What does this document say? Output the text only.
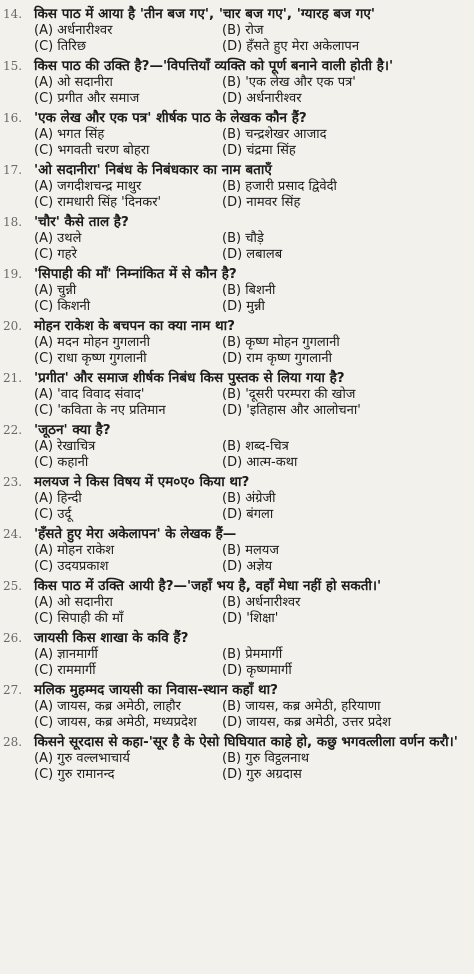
14. किस पाठ में आया है 'तीन बज गए', 'चार बज गए', 'ग्यारह बज गए'
(A) अर्धनारीश्वर	(B) रोज
(C) तिरिछ	(D) हँसते हुए मेरा अकेलापन
15. किस पाठ की उक्ति है?—'विपत्तियाँ व्यक्ति को पूर्ण बनाने वाली होती है।'
(A) ओ सदानीरा	(B) 'एक लेख और एक पत्र'
(C) प्रगीत और समाज	(D) अर्धनारीश्वर
16. 'एक लेख और एक पत्र' शीर्षक पाठ के लेखक कौन हैं?
(A) भगत सिंह	(B) चन्द्रशेखर आजाद
(C) भगवती चरण बोहरा	(D) चंद्रमा सिंह
17. 'ओ सदानीरा' निबंध के निबंधकार का नाम बताएँ
(A) जगदीशचन्द्र माथुर	(B) हजारी प्रसाद द्विवेदी
(C) रामधारी सिंह 'दिनकर'	(D) नामवर सिंह
18. 'चौर' कैसे ताल है?
(A) उथले	(B) चौड़े
(C) गहरे	(D) लबालब
19. 'सिपाही की माँ' निम्नांकित में से कौन है?
(A) चुन्नी	(B) बिशनी
(C) किशनी	(D) मुन्नी
20. मोहन राकेश के बचपन का क्या नाम था?
(A) मदन मोहन गुगलानी	(B) कृष्ण मोहन गुगलानी
(C) राधा कृष्ण गुगलानी	(D) राम कृष्ण गुगलानी
21. 'प्रगीत' और समाज शीर्षक निबंध किस पुस्तक से लिया गया है?
(A) 'वाद विवाद संवाद'	(B) 'दूसरी परम्परा की खोज
(C) 'कविता के नए प्रतिमान	(D) 'इतिहास और आलोचना'
22. 'जूठन' क्या है?
(A) रेखाचित्र	(B) शब्द-चित्र
(C) कहानी	(D) आत्म-कथा
23. मलयज ने किस विषय में एम०ए० किया था?
(A) हिन्दी	(B) अंग्रेजी
(C) उर्दू	(D) बंगला
24. 'हँसते हुए मेरा अकेलापन' के लेखक हैं—
(A) मोहन राकेश	(B) मलयज
(C) उदयप्रकाश	(D) अज्ञेय
25. किस पाठ में उक्ति आयी है?—'जहाँ भय है, वहाँ मेधा नहीं हो सकती।'
(A) ओ सदानीरा	(B) अर्धनारीश्वर
(C) सिपाही की माँ	(D) 'शिक्षा'
26. जायसी किस शाखा के कवि हैं?
(A) ज्ञानमार्गी	(B) प्रेममार्गी
(C) राममार्गी	(D) कृष्णमार्गी
27. मलिक मुहम्मद जायसी का निवास-स्थान कहाँ था?
(A) जायस, कब्र अमेठी, लाहौर	(B) जायस, कब्र अमेठी, हरियाणा
(C) जायस, कब्र अमेठी, मध्यप्रदेश	(D) जायस, कब्र अमेठी, उत्तर प्रदेश
28. किसने सूरदास से कहा-'सूर है के ऐसो घिघियात काहे हो, कछु भगवत्लीला वर्णन करौ।'
(A) गुरु वल्लभाचार्य	(B) गुरु विट्ठलनाथ
(C) गुरु रामानन्द	(D) गुरु अग्रदास
